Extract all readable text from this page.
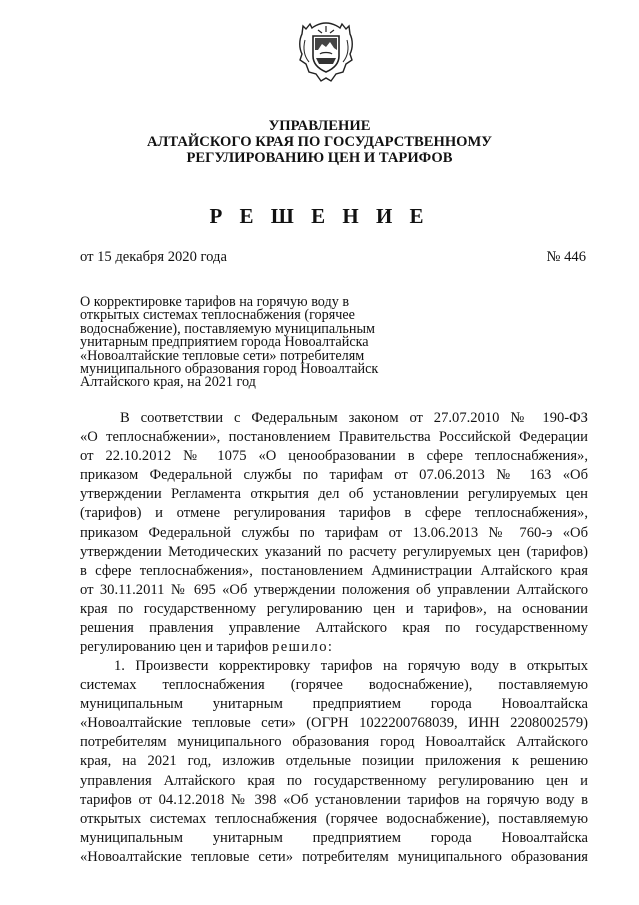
УПРАВЛЕНИЕ
АЛТАЙСКОГО КРАЯ ПО ГОСУДАРСТВЕННОМУ
РЕГУЛИРОВАНИЮ ЦЕН И ТАРИФОВ
Р Е Ш Е Н И Е
от 15 декабря 2020 года	№ 446
О корректировке тарифов на горячую воду в
открытых системах теплоснабжения (горячее
водоснабжение), поставляемую муниципальным
унитарным предприятием города Новоалтайска
«Новоалтайские тепловые сети» потребителям
муниципального образования город Новоалтайск
Алтайского края, на 2021 год
В соответствии с Федеральным законом от 27.07.2010 № 190-ФЗ
«О теплоснабжении», постановлением Правительства Российской Федерации
от 22.10.2012 № 1075 «О ценообразовании в сфере теплоснабжения»,
приказом Федеральной службы по тарифам от 07.06.2013 № 163 «Об
утверждении Регламента открытия дел об установлении регулируемых цен
(тарифов) и отмене регулирования тарифов в сфере теплоснабжения»,
приказом Федеральной службы по тарифам от 13.06.2013 № 760-э «Об
утверждении Методических указаний по расчету регулируемых цен (тарифов)
в сфере теплоснабжения», постановлением Администрации Алтайского края
от 30.11.2011 № 695 «Об утверждении положения об управлении Алтайского
края по государственному регулированию цен и тарифов», на основании
решения правления управление Алтайского края по государственному
регулированию цен и тарифов решило:
1. Произвести корректировку тарифов на горячую воду в открытых
системах теплоснабжения (горячее водоснабжение), поставляемую
муниципальным унитарным предприятием города Новоалтайска
«Новоалтайские тепловые сети» (ОГРН 1022200768039, ИНН 2208002579)
потребителям муниципального образования город Новоалтайск Алтайского
края, на 2021 год, изложив отдельные позиции приложения к решению
управления Алтайского края по государственному регулированию цен и
тарифов от 04.12.2018 № 398 «Об установлении тарифов на горячую воду в
открытых системах теплоснабжения (горячее водоснабжение), поставляемую
муниципальным унитарным предприятием города Новоалтайска
«Новоалтайские тепловые сети» потребителям муниципального образования
